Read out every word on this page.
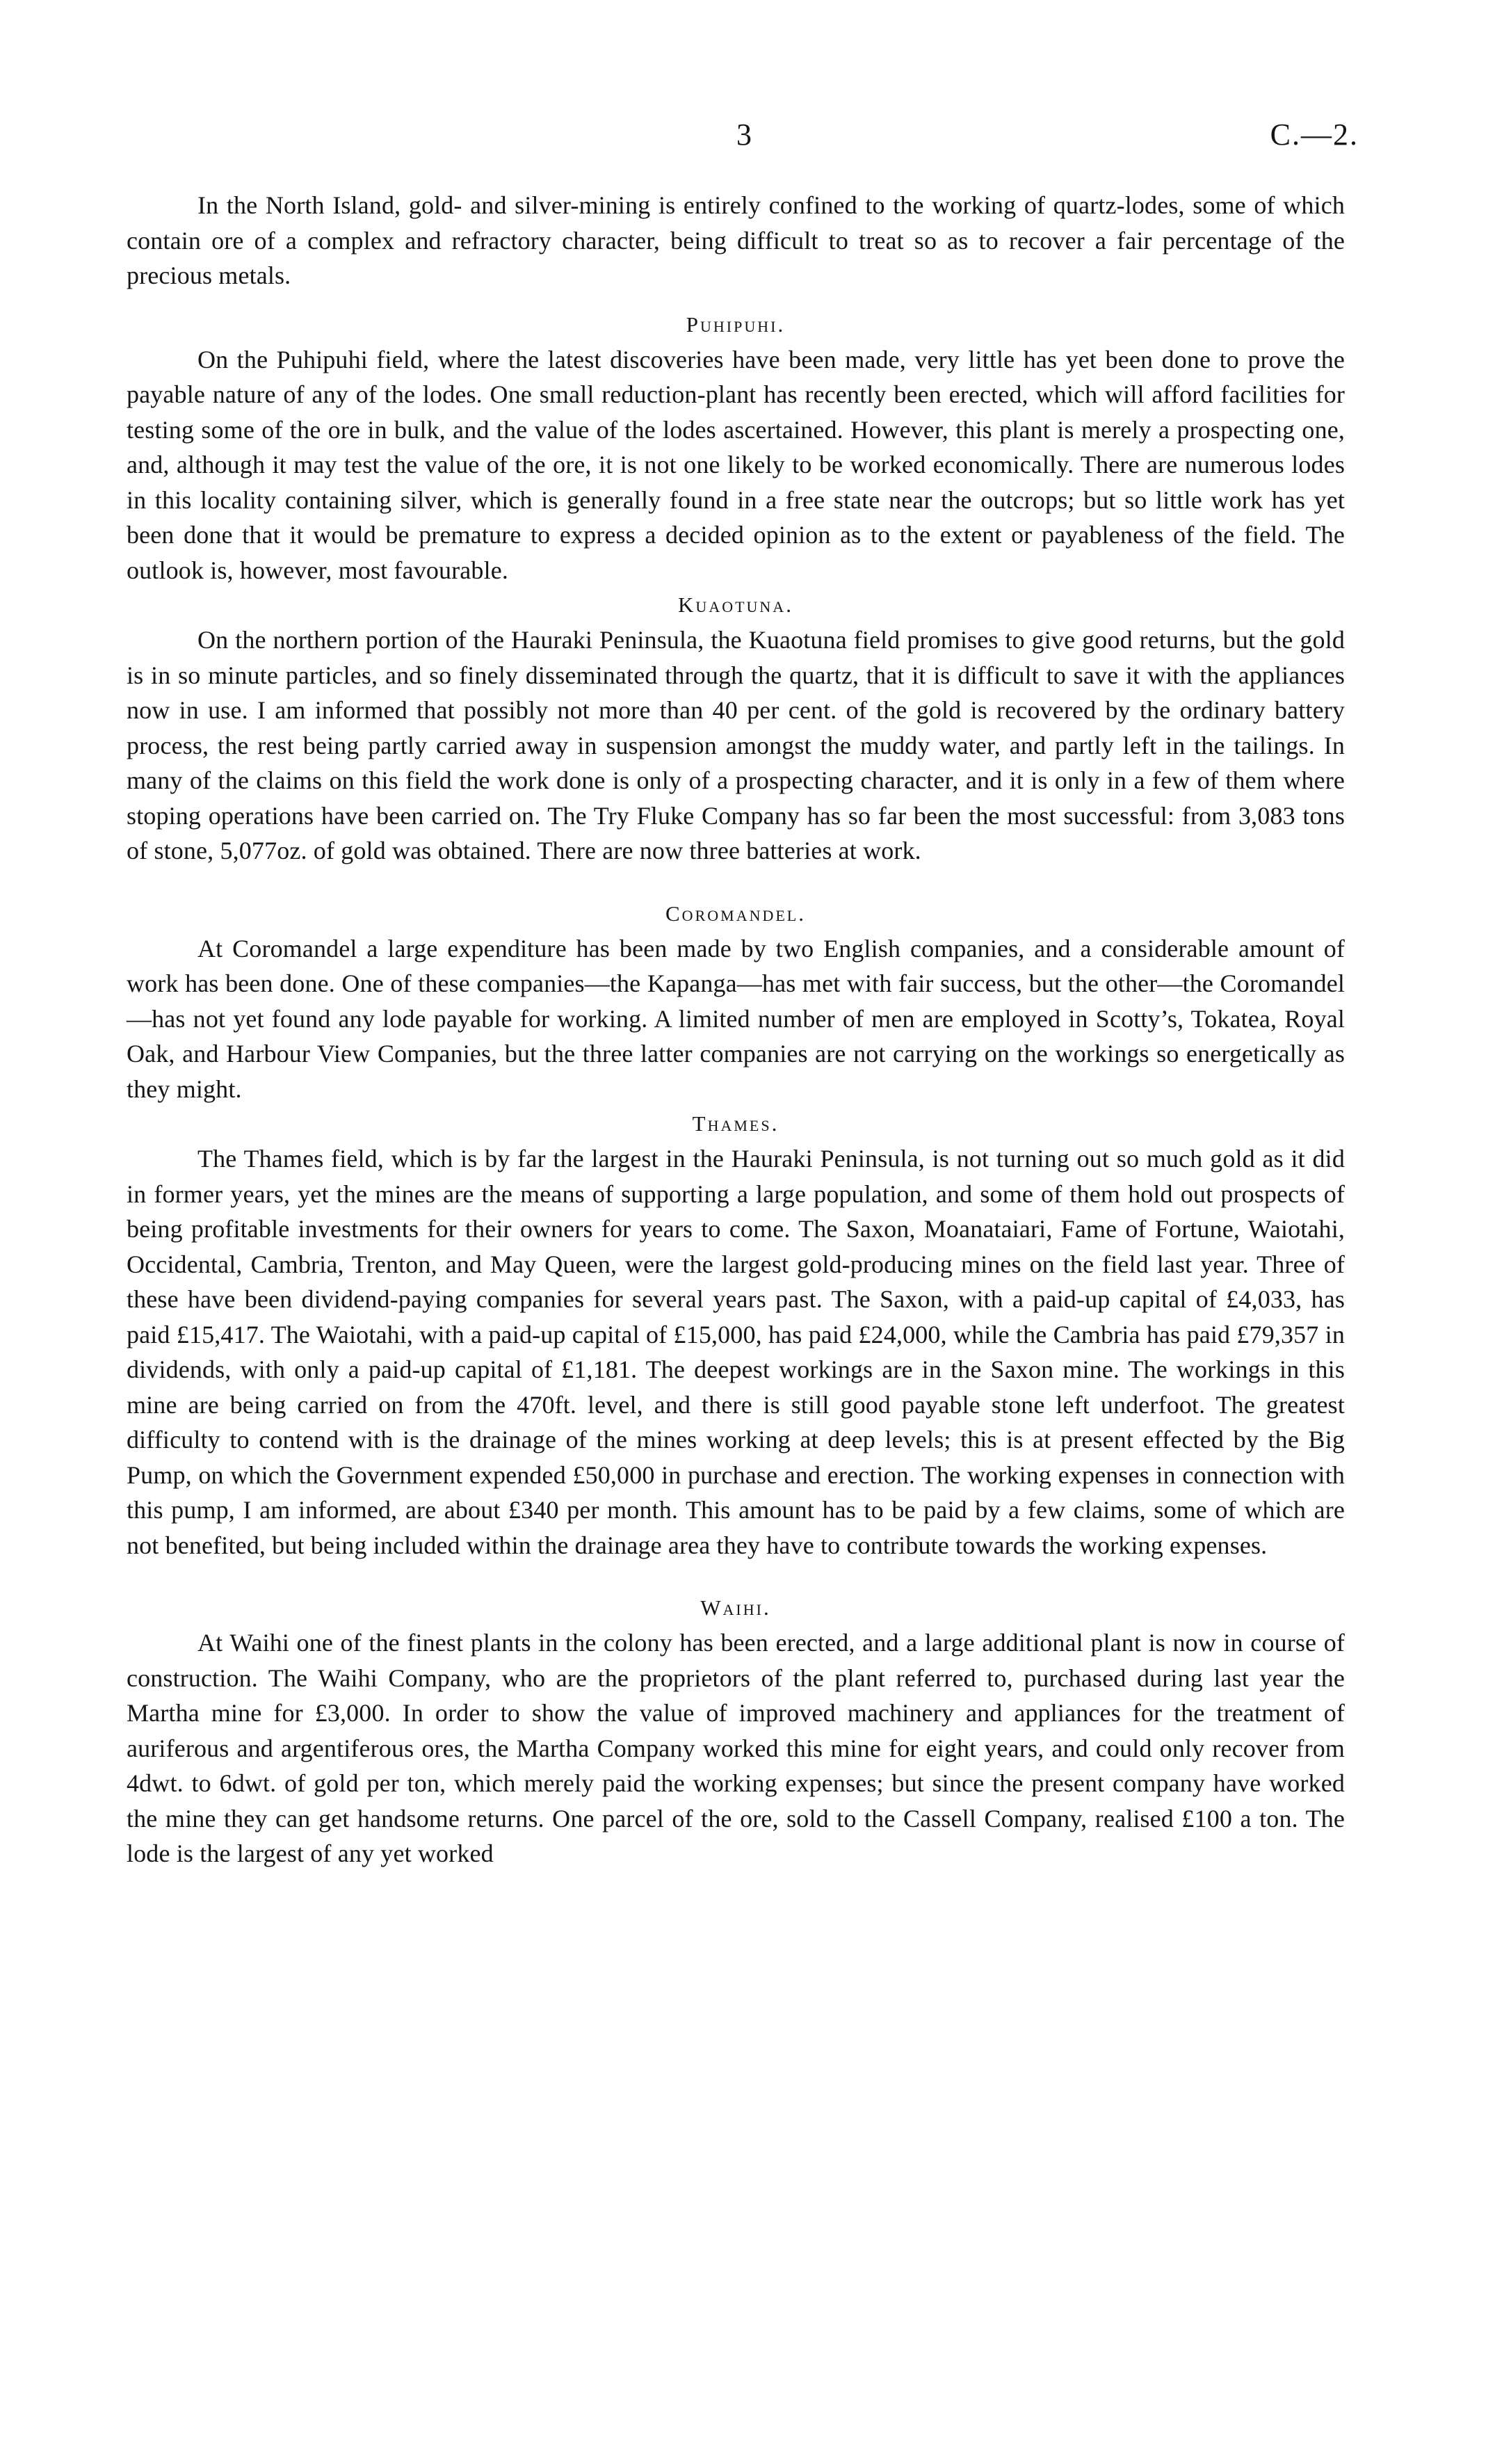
3	C.—2.

In the North Island, gold- and silver-mining is entirely confined to the working of quartz-lodes, some of which contain ore of a complex and refractory character, being difficult to treat so as to recover a fair percentage of the precious metals.

Puhipuhi.

On the Puhipuhi field, where the latest discoveries have been made, very little has yet been done to prove the payable nature of any of the lodes. One small reduction-plant has recently been erected, which will afford facilities for testing some of the ore in bulk, and the value of the lodes ascertained. However, this plant is merely a prospecting one, and, although it may test the value of the ore, it is not one likely to be worked economically. There are numerous lodes in this locality containing silver, which is generally found in a free state near the outcrops; but so little work has yet been done that it would be premature to express a decided opinion as to the extent or payableness of the field. The outlook is, however, most favourable.

Kuaotuna.

On the northern portion of the Hauraki Peninsula, the Kuaotuna field promises to give good returns, but the gold is in so minute particles, and so finely disseminated through the quartz, that it is difficult to save it with the appliances now in use. I am informed that possibly not more than 40 per cent. of the gold is recovered by the ordinary battery process, the rest being partly carried away in suspension amongst the muddy water, and partly left in the tailings. In many of the claims on this field the work done is only of a prospecting character, and it is only in a few of them where stoping operations have been carried on. The Try Fluke Company has so far been the most successful: from 3,083 tons of stone, 5,077oz. of gold was obtained. There are now three batteries at work.

Coromandel.

At Coromandel a large expenditure has been made by two English companies, and a considerable amount of work has been done. One of these companies—the Kapanga—has met with fair success, but the other—the Coromandel—has not yet found any lode payable for working. A limited number of men are employed in Scotty’s, Tokatea, Royal Oak, and Harbour View Companies, but the three latter companies are not carrying on the workings so energetically as they might.

Thames.

The Thames field, which is by far the largest in the Hauraki Peninsula, is not turning out so much gold as it did in former years, yet the mines are the means of supporting a large population, and some of them hold out prospects of being profitable investments for their owners for years to come. The Saxon, Moanataiari, Fame of Fortune, Waiotahi, Occidental, Cambria, Trenton, and May Queen, were the largest gold-producing mines on the field last year. Three of these have been dividend-paying companies for several years past. The Saxon, with a paid-up capital of £4,033, has paid £15,417. The Waiotahi, with a paid-up capital of £15,000, has paid £24,000, while the Cambria has paid £79,357 in dividends, with only a paid-up capital of £1,181. The deepest workings are in the Saxon mine. The workings in this mine are being carried on from the 470ft. level, and there is still good payable stone left underfoot. The greatest difficulty to contend with is the drainage of the mines working at deep levels; this is at present effected by the Big Pump, on which the Government expended £50,000 in purchase and erection. The working expenses in connection with this pump, I am informed, are about £340 per month. This amount has to be paid by a few claims, some of which are not benefited, but being included within the drainage area they have to contribute towards the working expenses.

Waihi.

At Waihi one of the finest plants in the colony has been erected, and a large additional plant is now in course of construction. The Waihi Company, who are the proprietors of the plant referred to, purchased during last year the Martha mine for £3,000. In order to show the value of improved machinery and appliances for the treatment of auriferous and argentiferous ores, the Martha Company worked this mine for eight years, and could only recover from 4dwt. to 6dwt. of gold per ton, which merely paid the working expenses; but since the present company have worked the mine they can get handsome returns. One parcel of the ore, sold to the Cassell Company, realised £100 a ton. The lode is the largest of any yet worked
